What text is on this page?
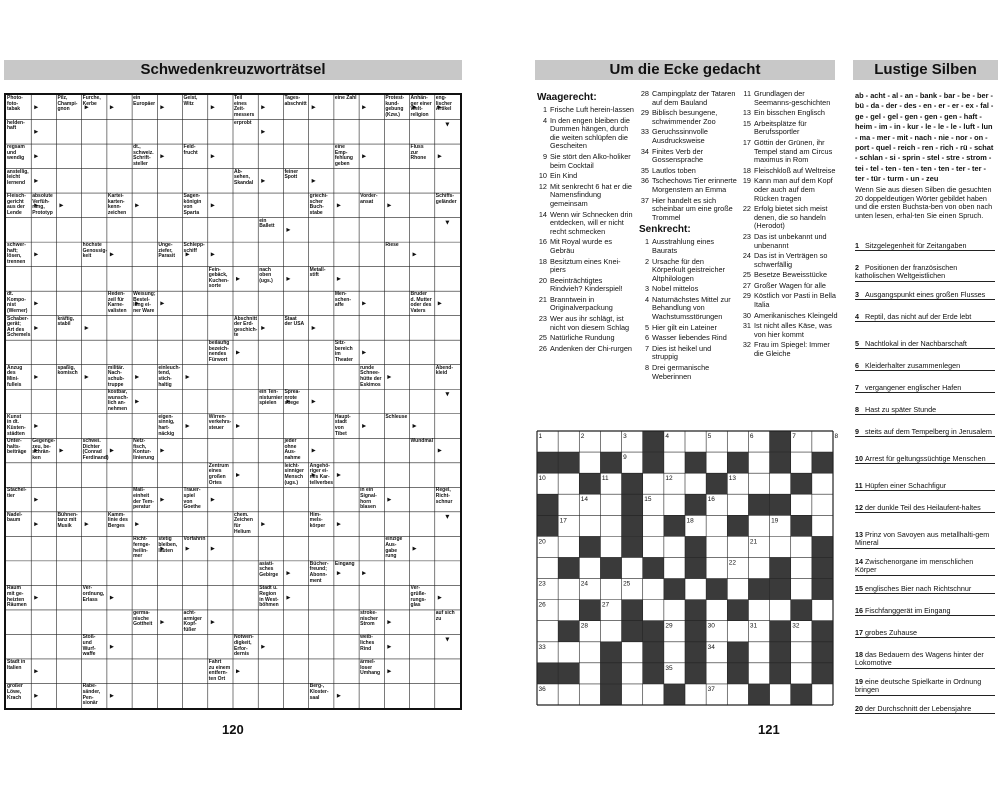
Schwedenkreuzworträtsel	Um die Ecke gedacht	Lustige Silben
Photo-
foto-
tabak
Pilz,
Champi-
gnon
Furche,
Kerbe
ein
Europäer
Geist,
Witz
Teil
eines
Zeit-
messers
Tages-
abschnitt
eine Zahl	Protest-
kund-
gebung
(Kzw.)
Anhän-
ger einer
Welt-
religion
eng-
lischer
Artikel
helden-
haft
erprobt
regsam
und
wendig
dt.,
schweiz.
Schrift-
steller
Feld-
frucht
eine
Emp-
fehlung
geben
Fluss
zur
Rhone
anstellig,
leicht
lernend
Ab-
sehen,
Skandal
feiner
Spott
Fleisch-
gericht
aus der
Lende
absolute
Verfüh-
rung,
Prototyp
Kartei-
karten-
kenn-
zeichen
Sagen-
königin
von
Sparta
griechi-
scher
Buch-
stabe
Vorder-
ansat
Schiffs-
geländer
ein Ballett
schwer-
haft;
lösen,
trennen
höchste
Genossig-
keit
Unge-
ziefer,
Parasit
Schlepp-
schiff
Riese
Fein-
gebäck,
Kuchen-
sorte
nach
oben
(ugs.)
Metall-
stift
dt.
Kompo-
nist
(Werner)
Reden-
zeil für
Karne-
valisten
Weisung;
Bestel-
lung ei-
ner Ware
Men-
schen-
affe
Bruder
d. Mutter
oder des
Vaters
Schaber-
gerät;
Art des
Schemels
kräftig,
stabil
Abschnitt
der Erd-
geschich-
te
Staat
der USA
beiläufig
bezeich-
nendes
Fürwort
Sitz-
bereich
im
Theater
Anzug
des
Mini-
fulleis
spaßig,
komisch
militär.
Nach-
schub-
truppe
einleuch-
tend,
stich-
haltig
runde
Schnee-
hütte der
Eskimos
Abend-
kleid
kostbar,
wunsch-
lich an-
nehmen
ein Ten-
nisturnier
spielen
Sprea-
nrote
stiege
Kunst
in dt.
Küsten-
städten
eigen-
sinnig,
hart-
näckig
Wirren-
verkehrs-
steuer
Haupt-
stadt
von
Tibet
Schleuse
Unter-
halts-
beiträge
Gegenge-
zeu, be-
schrän-
ken
schwei.
Dichter
(Conrad
Ferdinand)
Netz-
fisch,
Kontur-
linierung
jeder
ohne
Aus-
nahme
Wundmal
Zentrum
eines
großen
Ortes
leicht-
sinniger
Mensch
(ugs.)
Angehö-
riger ei-
nes Kar-
tellverbes
Stachel-
tier
Maß-
einheit
der Tem-
peratur
Trauer-
spiel
von
Goethe
in ein
Signal-
horn
blasen
Regel,
Richt-
schnur
Nadel-
baum
Bühnen-
tanz mit
Musik
Kamm-
linie des
Berges
chem.
Zeichen
für
Helium
Him-
mels-
körper
Richt-
fernge-
heilin-
mer
stetig
bleiben,
lauten
Vorfahrin	einzige
Aus-
gabe
rung
asiati-
sches
Gebirge
Bücher-
freund;
Abonn-
ment
Eingang
Raum
mit ge-
heizten
Räumen
Ver-
ordnung,
Erlass
Stadt u.
Region
in West-
böhmen
Ver-
grüße-
rungs-
glas
germa-
nische
Gottheit
acht-
armiger
Kopf-
füßer
stroke-
nischer
Strom
auf sich
zu
Stoß-
und
Wurf-
waffe
Notwen-
digkeit,
Erfor-
dernis
weib-
liches
Rind
Stadt in
Italien
Fahrt
zu einem
entfern-
ten Ort
ärmel-
loser
Umhang
großer
Löwe,
Krach
Rabe-
sänder,
Pen-
sionär
Berg-,
Kloster-
saal
120
Waagerecht:
1 Frische Luft herein-lassen
4 In den engen bleiben die Dummen hängen, durch die weiten schlüpfen die Gescheiten
9 Sie stört den Alko-holiker beim Cocktail
10 Ein Kind
12 Mit senkrecht 6 hat er die Namensfindung gemeinsam
14 Wenn wir Schnecken drin entdecken, will er nicht recht schmecken
16 Mit Royal wurde es Gebräu
18 Besitztum eines Knei-piers
20 Beeinträchtigtes Rindvieh? Kinderspiel!
21 Branntwein in Originalverpackung
23 Wer aus ihr schlägt, ist nicht von diesem Schlag
25 Natürliche Rundung
26 Andenken der Chi-rurgen
28 Campingplatz der Tataren auf dem Bauland
29 Biblisch besungene, schwimmender Zoo
33 Geruchssinnvolle Ausdrucksweise
34 Finites Verb der Gossensprache
35 Lautlos toben
36 Tschechows Tier erinnerte Morgenstern an Emma
37 Hier handelt es sich scheinbar um eine große Trommel
Senkrecht:
1 Ausstrahlung eines Baurats
2 Ursache für den Körperkult geistreicher Altphilologen
3 Nobel mittelos
4 Naturnächstes Mittel zur Behandlung von Wachstumsstörungen
5 Hier gilt ein Lateiner
6 Wasser liebendes Rind
7 Dies ist heikel und struppig
8 Drei germanische Weberinnen
11 Grundlagen der Seemanns-geschichten
13 Ein bisschen Englisch
15 Arbeitsplätze für Berufssportler
17 Göttin der Grünen, ihr Tempel stand am Circus maximus in Rom
18 Fleischkloß auf Weltreise
19 Kann man auf dem Kopf oder auch auf dem Rücken tragen
22 Erfolg bietet sich meist denen, die so handeln (Herodot)
23 Das ist unbekannt und unbenannt
24 Das ist in Verträgen so schwerfällig
25 Besetze Beweisstücke
27 Großer Wagen für alle
29 Köstlich vor Pasti in Bella Italia
30 Amerikanisches Kleingeld
31 Ist nicht alles Käse, was von hier kommt
32 Frau im Spiegel: Immer die Gleiche
1	2	3	4	5	6	7	8
9
10	11	12	13
14	15	16
17	18	19
20	21
22
23	24	25
26	27
28	29	30	31	32
33	34
35
36	37
121
ab - acht - al - an - bank - bar - be - ber - bü - da - der - des - en - er - er - ex - fal - ge - gel - gel - gen - gen - gen - haft - heim - im - in - kur - le - le - le - luft - lun - ma - mer - mit - nach - nie - nor - on - port - quel - reich - ren - rich - rü - schat - schlan - si - sprin - stel - stre - strom - tei - tel - ten - ten - ten - ten - ter - ter - ter - tür - turm - un - zeu
Wenn Sie aus diesen Silben die gesuchten 20 doppeldeutigen Wörter gebildet haben und die ersten Buchsta-ben von oben nach unten lesen, erhal-ten Sie einen Spruch.
1 Sitzgelegenheit für Zeitangaben
2 Positionen der französischen katholischen Weltgeistlichen
3 Ausgangspunkt eines großen Flusses
4 Reptil, das nicht auf der Erde lebt
5 Nachtlokal in der Nachbarschaft
6 Kleiderhalter zusammenlegen
7 vergangener englischer Hafen
8 Hast zu später Stunde
9 steits auf dem Tempelberg in Jerusalem
10 Arrest für geltungssüchtige Menschen
11 Hüpfen einer Schachfigur
12 der dunkle Teil des Heilaufent-haltes
13 Prinz von Savoyen aus metallhalti-gem Mineral
14 Zwischenorgane im menschlichen Körper
15 englisches Bier nach Richtschnur
16 Fischfanggerät im Eingang
17 grobes Zuhause
18 das Bedauern des Wagens hinter der Lokomotive
19 eine deutsche Spielkarte in Ordnung bringen
20 der Durchschnitt der Lebensjahre
